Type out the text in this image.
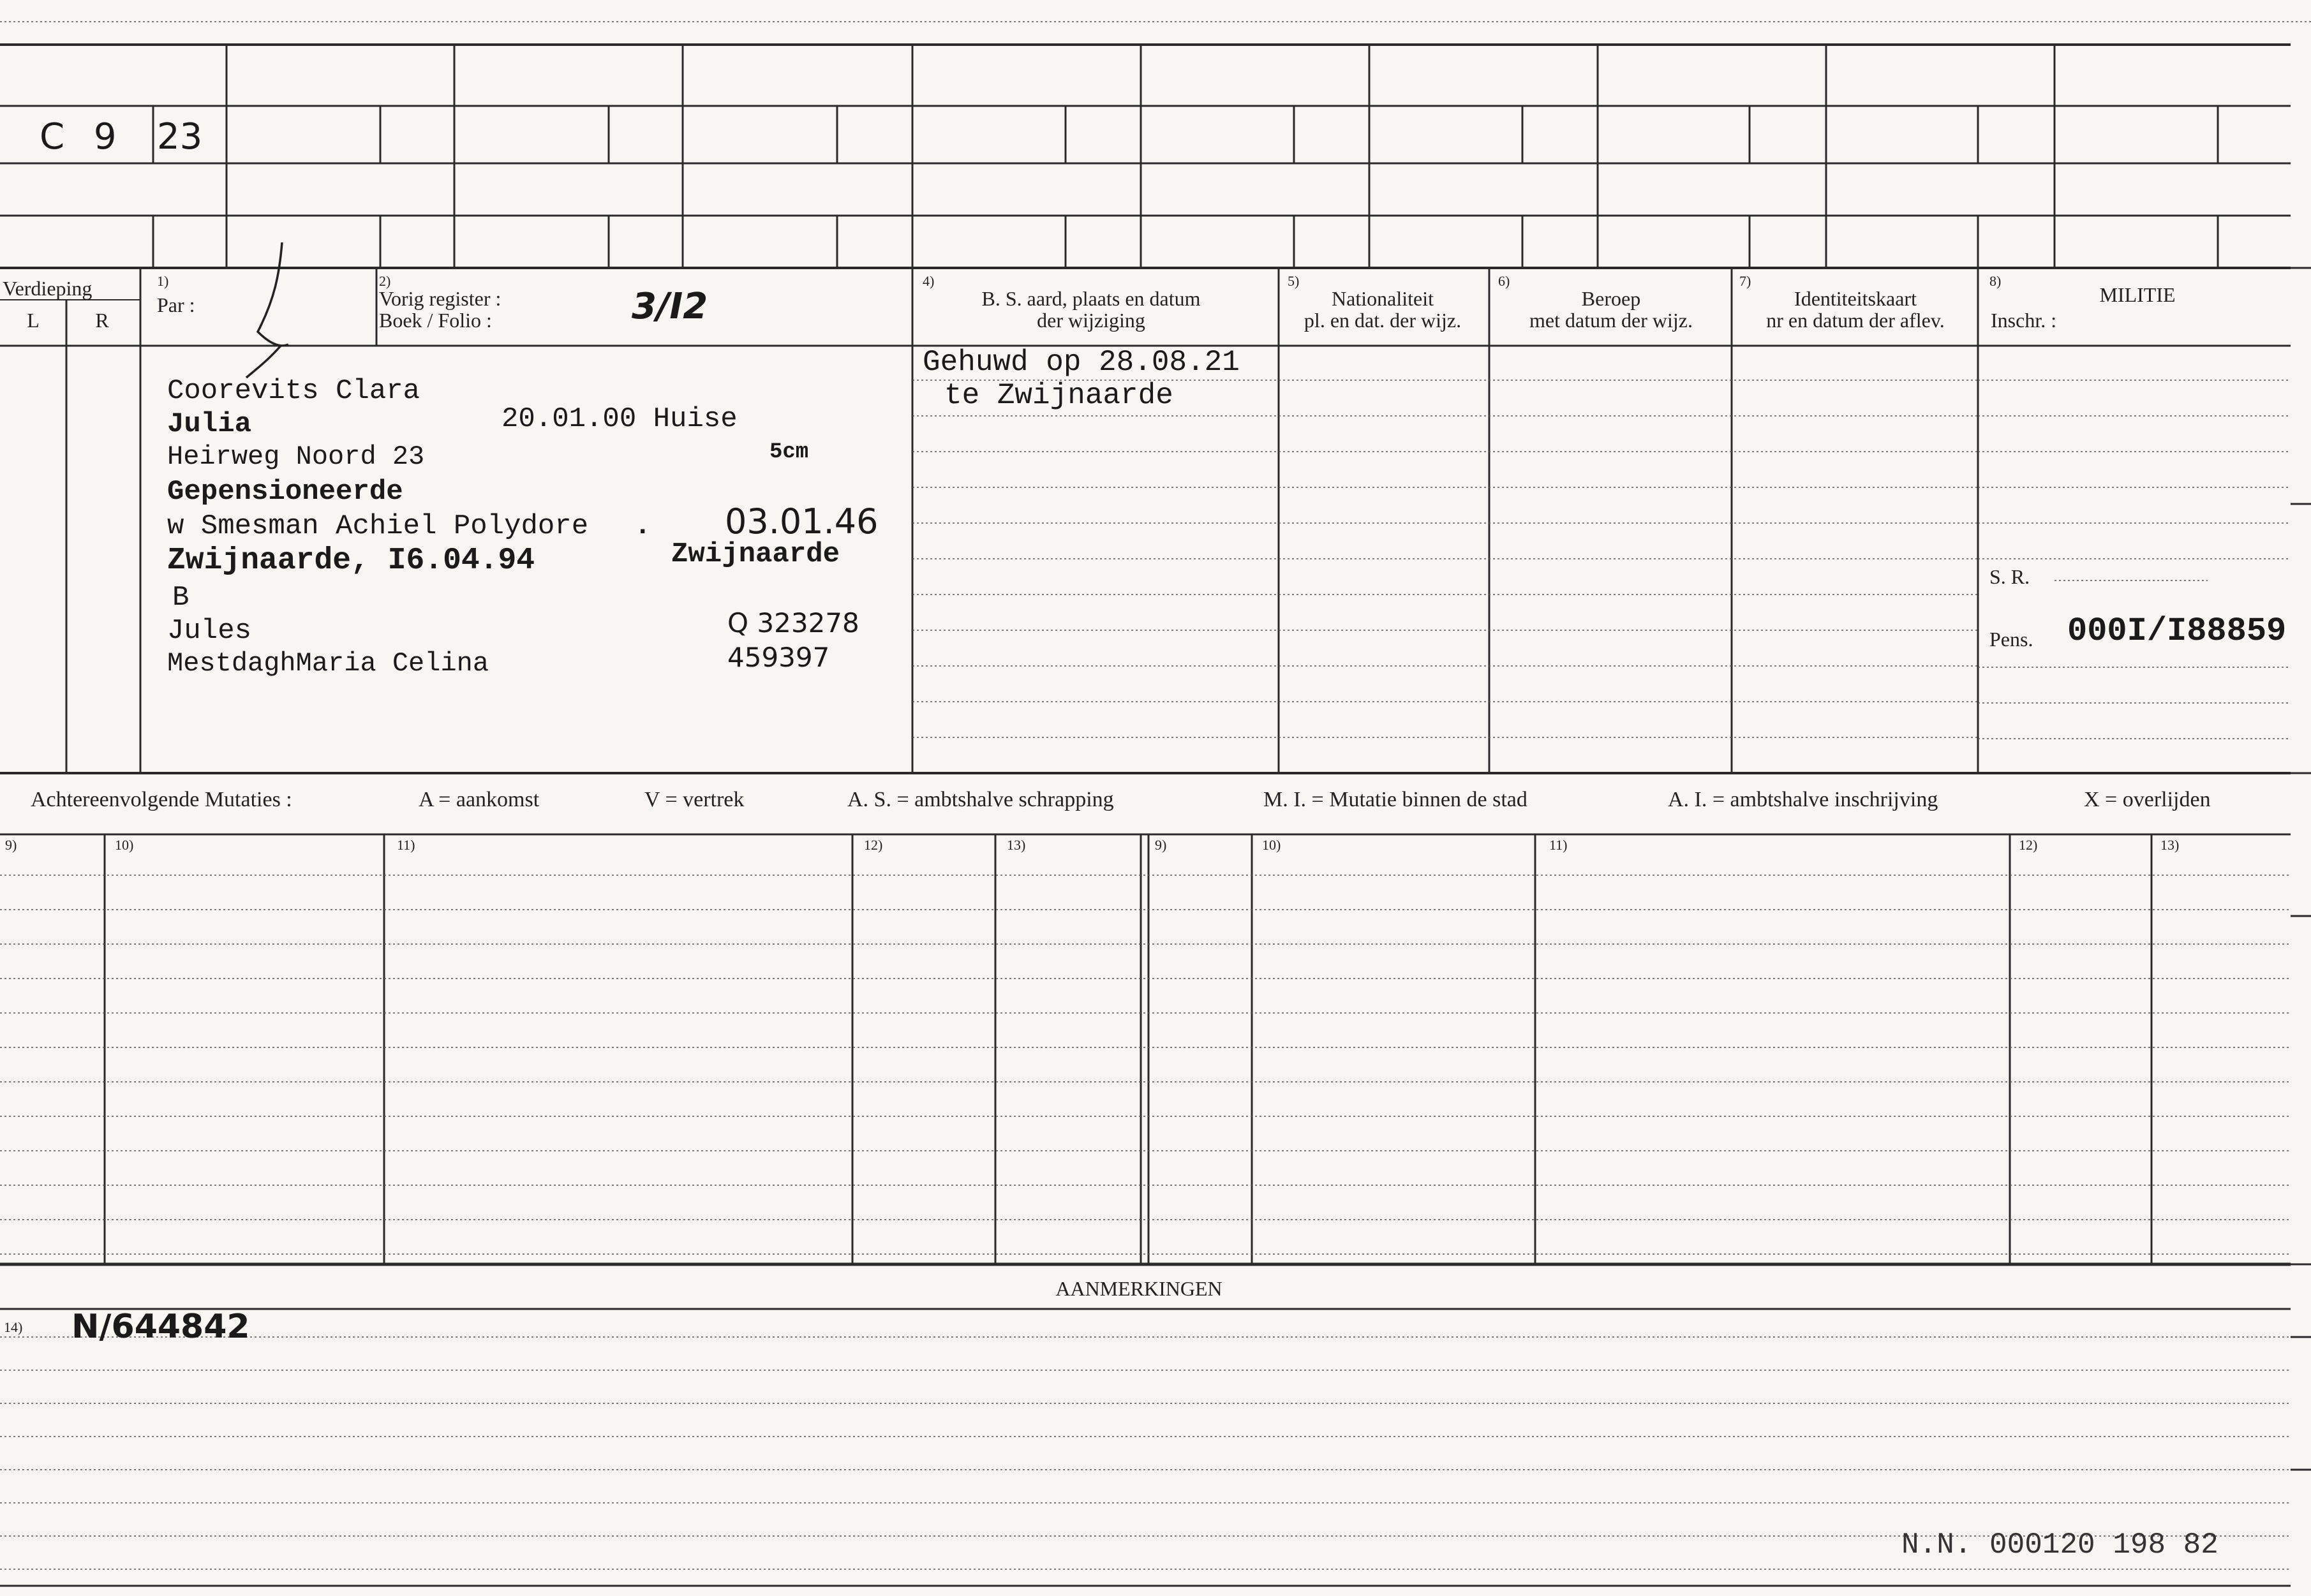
C 9 23
Verdieping
L	R
1)
Par :
2)
Vorig register :
Boek / Folio :	3/I2
4)
B. S. aard, plaats en datum
der wijziging
5)
Nationaliteit
pl. en dat. der wijz.
6)
Beroep
met datum der wijz.
7)
Identiteitskaart
nr en datum der aflev.
8)
MILITIE
Inschr. :
Coorevits Clara
Julia	20.01.00 Huise
Heirweg Noord 23	5cm
Gepensioneerde
w Smesman Achiel Polydore . 03.01.46
Zwijnaarde, I6.04.94	Zwijnaarde
B
Jules	Q 323278
MestdaghMaria Celina	459397
Gehuwd op 28.08.21
te Zwijnaarde
S. R.
Pens. 000I/I88859
Achtereenvolgende Mutaties :	A = aankomst	V = vertrek	A. S. = ambtshalve schrapping	M. I. = Mutatie binnen de stad	A. I. = ambtshalve inschrijving	X = overlijden
9)	10)	11)	12)	13)	9)	10)	11)	12)	13)
AANMERKINGEN
14) N/644842
N.N. 000120 198 82
